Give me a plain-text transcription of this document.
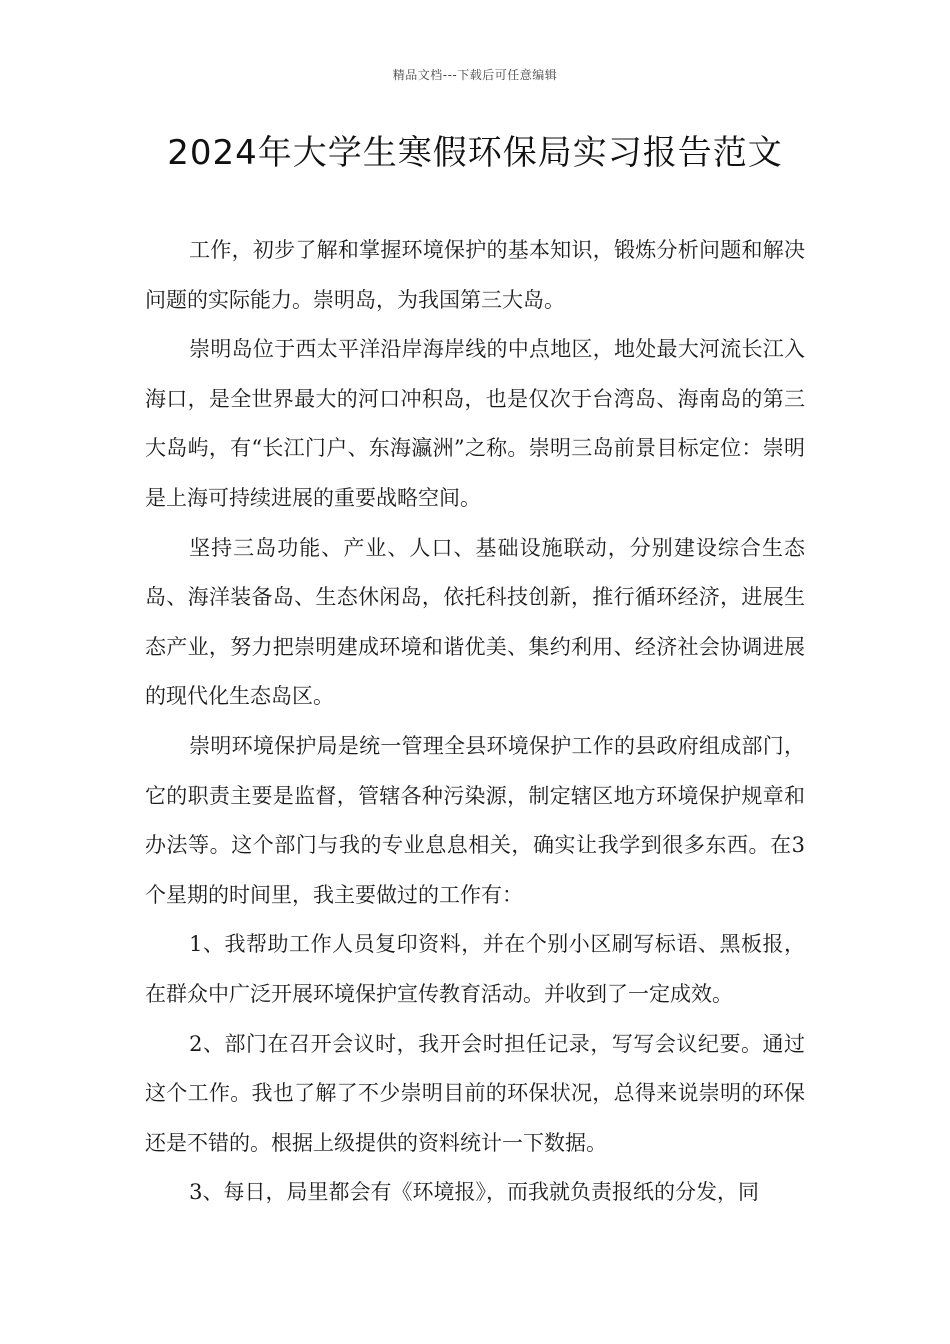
精品文档---下载后可任意编辑
2024年大学生寒假环保局实习报告范文

工作，初步了解和掌握环境保护的基本知识，锻炼分析问题和解决问题的实际能力。崇明岛，为我国第三大岛。

崇明岛位于西太平洋沿岸海岸线的中点地区，地处最大河流长江入海口，是全世界最大的河口冲积岛，也是仅次于台湾岛、海南岛的第三大岛屿，有“长江门户、东海瀛洲”之称。崇明三岛前景目标定位：崇明是上海可持续进展的重要战略空间。

坚持三岛功能、产业、人口、基础设施联动，分别建设综合生态岛、海洋装备岛、生态休闲岛，依托科技创新，推行循环经济，进展生态产业，努力把崇明建成环境和谐优美、集约利用、经济社会协调进展的现代化生态岛区。

崇明环境保护局是统一管理全县环境保护工作的县政府组成部门，它的职责主要是监督，管辖各种污染源，制定辖区地方环境保护规章和办法等。这个部门与我的专业息息相关，确实让我学到很多东西。在3个星期的时间里，我主要做过的工作有：

1、我帮助工作人员复印资料，并在个别小区刷写标语、黑板报，在群众中广泛开展环境保护宣传教育活动。并收到了一定成效。

2、部门在召开会议时，我开会时担任记录，写写会议纪要。通过这个工作。我也了解了不少崇明目前的环保状况，总得来说崇明的环保还是不错的。根据上级提供的资料统计一下数据。

3、每日，局里都会有《环境报》，而我就负责报纸的分发，同
